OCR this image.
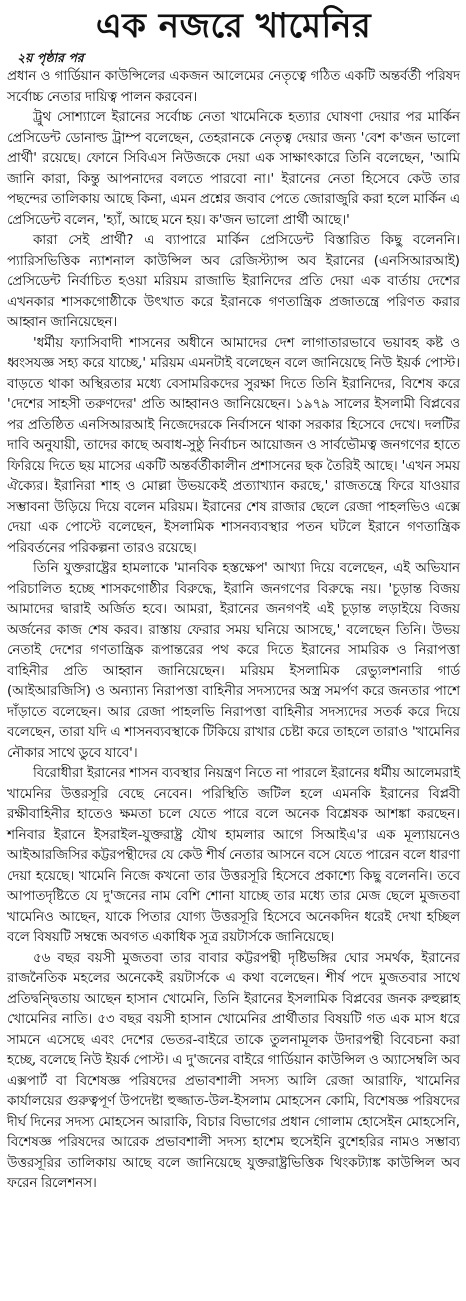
এক নজরে খামেনির
২য় পৃষ্ঠার পর

প্রধান ও গার্ডিয়ান কাউন্সিলের একজন আলেমের নেতৃত্বে গঠিত একটি অন্তর্বর্তী পরিষদ সর্বোচ্চ নেতার দায়িত্ব পালন করবেন।

ট্রুথ সোশ্যালে ইরানের সর্বোচ্চ নেতা খামেনিকে হত্যার ঘোষণা দেয়ার পর মার্কিন প্রেসিডেন্ট ডোনাল্ড ট্রাম্প বলেছেন, তেহরানকে নেতৃত্ব দেয়ার জন্য 'বেশ ক'জন ভালো প্রার্থী' রয়েছে। ফোনে সিবিএস নিউজকে দেয়া এক সাক্ষাৎকারে তিনি বলেছেন, 'আমি জানি কারা, কিন্তু আপনাদের বলতে পারবো না।' ইরানের নেতা হিসেবে কেউ তার পছন্দের তালিকায় আছে কিনা, এমন প্রশ্নের জবাব পেতে জোরাজুরি করা হলে মার্কিন এ প্রেসিডেন্ট বলেন, 'হ্যাঁ, আছে মনে হয়। ক'জন ভালো প্রার্থী আছে।'

কারা সেই প্রার্থী? এ ব্যাপারে মার্কিন প্রেসিডেন্ট বিস্তারিত কিছু বলেননি। প্যারিসভিত্তিক ন্যাশনাল কাউন্সিল অব রেজিস্ট্যান্স অব ইরানের (এনসিআরআই) প্রেসিডেন্ট নির্বাচিত হওয়া মরিয়ম রাজাভি ইরানিদের প্রতি দেয়া এক বার্তায় দেশের এখনকার শাসকগোষ্ঠীকে উৎখাত করে ইরানকে গণতান্ত্রিক প্রজাতন্ত্রে পরিণত করার আহ্বান জানিয়েছেন।

'ধর্মীয় ফ্যাসিবাদী শাসনের অধীনে আমাদের দেশ লাগাতারভাবে ভয়াবহ কষ্ট ও ধ্বংসযজ্ঞ সহ্য করে যাচ্ছে,' মরিয়ম এমনটাই বলেছেন বলে জানিয়েছে নিউ ইয়র্ক পোস্ট। বাড়তে থাকা অস্থিরতার মধ্যে বেসামরিকদের সুরক্ষা দিতে তিনি ইরানিদের, বিশেষ করে 'দেশের সাহসী তরুণদের' প্রতি আহ্বানও জানিয়েছেন। ১৯৭৯ সালের ইসলামী বিপ্লবের পর প্রতিষ্ঠিত এনসিআরআই নিজেদেরকে নির্বাসনে থাকা সরকার হিসেবে দেখে। দলটির দাবি অনুযায়ী, তাদের কাছে অবাধ-সুষ্ঠু নির্বাচন আয়োজন ও সার্বভৌমত্ব জনগণের হাতে ফিরিয়ে দিতে ছয় মাসের একটি অন্তর্বর্তীকালীন প্রশাসনের ছক তৈরিই আছে। 'এখন সময় ঐক্যের। ইরানিরা শাহ ও মোল্লা উভয়কেই প্রত্যাখ্যান করছে,' রাজতন্ত্রে ফিরে যাওয়ার সম্ভাবনা উড়িয়ে দিয়ে বলেন মরিয়ম। ইরানের শেষ রাজার ছেলে রেজা পাহলভিও এক্সে দেয়া এক পোস্টে বলেছেন, ইসলামিক শাসনব্যবস্থার পতন ঘটলে ইরানে গণতান্ত্রিক পরিবর্তনের পরিকল্পনা তারও রয়েছে।

তিনি যুক্তরাষ্ট্রের হামলাকে 'মানবিক হস্তক্ষেপ' আখ্যা দিয়ে বলেছেন, এই অভিযান পরিচালিত হচ্ছে শাসকগোষ্ঠীর বিরুদ্ধে, ইরানি জনগণের বিরুদ্ধে নয়। 'চূড়ান্ত বিজয় আমাদের দ্বারাই অর্জিত হবে। আমরা, ইরানের জনগণই এই চূড়ান্ত লড়াইয়ে বিজয় অর্জনের কাজ শেষ করব। রাস্তায় ফেরার সময় ঘনিয়ে আসছে,' বলেছেন তিনি। উভয় নেতাই দেশের গণতান্ত্রিক রূপান্তরের পথ করে দিতে ইরানের সামরিক ও নিরাপত্তা বাহিনীর প্রতি আহ্বান জানিয়েছেন। মরিয়ম ইসলামিক রেভ্যুলশনারি গার্ড (আইআরজিসি) ও অন্যান্য নিরাপত্তা বাহিনীর সদস্যদের অস্ত্র সমর্পণ করে জনতার পাশে দাঁড়াতে বলেছেন। আর রেজা পাহলভি নিরাপত্তা বাহিনীর সদস্যদের সতর্ক করে দিয়ে বলেছেন, তারা যদি এ শাসনব্যবস্থাকে টিকিয়ে রাখার চেষ্টা করে তাহলে তারাও 'খামেনির নৌকার সাথে ডুবে যাবে'।

বিরোধীরা ইরানের শাসন ব্যবস্থার নিয়ন্ত্রণ নিতে না পারলে ইরানের ধর্মীয় আলেমরাই খামেনির উত্তরসূরি বেছে নেবেন। পরিস্থিতি জটিল হলে এমনকি ইরানের বিপ্লবী রক্ষীবাহিনীর হাতেও ক্ষমতা চলে যেতে পারে বলে অনেক বিশ্লেষক আশঙ্কা করছেন। শনিবার ইরানে ইসরাইল-যুক্তরাষ্ট্র যৌথ হামলার আগে সিআইএ'র এক মূল্যায়নেও আইআরজিসির কট্টরপন্থীদের যে কেউ শীর্ষ নেতার আসনে বসে যেতে পারেন বলে ধারণা দেয়া হয়েছে। খামেনি নিজে কখনো তার উত্তরসূরি হিসেবে প্রকাশ্যে কিছু বলেননি। তবে আপাতদৃষ্টিতে যে দু'জনের নাম বেশি শোনা যাচ্ছে তার মধ্যে তার মেজ ছেলে মুজতবা খামেনিও আছেন, যাকে পিতার যোগ্য উত্তরসূরি হিসেবে অনেকদিন ধরেই দেখা হচ্ছিল বলে বিষয়টি সম্বন্ধে অবগত একাধিক সূত্র রয়টার্সকে জানিয়েছে।

৫৬ বছর বয়সী মুজতবা তার বাবার কট্টরপন্থী দৃষ্টিভঙ্গির ঘোর সমর্থক, ইরানের রাজনৈতিক মহলের অনেকেই রয়টার্সকে এ কথা বলেছেন। শীর্ষ পদে মুজতবার সাথে প্রতিদ্বন্দ্বিতায় আছেন হাসান খোমেনি, তিনি ইরানের ইসলামিক বিপ্লবের জনক রুহুল্লাহ খোমেনির নাতি। ৫৩ বছর বয়সী হাসান খোমেনির প্রার্থীতার বিষয়টি গত এক মাস ধরে সামনে এসেছে এবং দেশের ভেতর-বাইরে তাকে তুলনামূলক উদারপন্থী বিবেচনা করা হচ্ছে, বলেছে নিউ ইয়র্ক পোস্ট। এ দু'জনের বাইরে গার্ডিয়ান কাউন্সিল ও অ্যাসেম্বলি অব এক্সপার্ট বা বিশেষজ্ঞ পরিষদের প্রভাবশালী সদস্য আলি রেজা আরাফি, খামেনির কার্যালয়ের গুরুত্বপূর্ণ উপদেষ্টা হুজ্জাত-উল-ইসলাম মোহসেন কোমি, বিশেষজ্ঞ পরিষদের দীর্ঘ দিনের সদস্য মোহসেন আরাকি, বিচার বিভাগের প্রধান গোলাম হোসেইন মোহসেনি, বিশেষজ্ঞ পরিষদের আরেক প্রভাবশালী সদস্য হাশেম হুসেইনি বুশেহরির নামও সম্ভাব্য উত্তরসূরির তালিকায় আছে বলে জানিয়েছে যুক্তরাষ্ট্রভিত্তিক থিংকট্যাঙ্ক কাউন্সিল অব ফরেন রিলেশনস।
